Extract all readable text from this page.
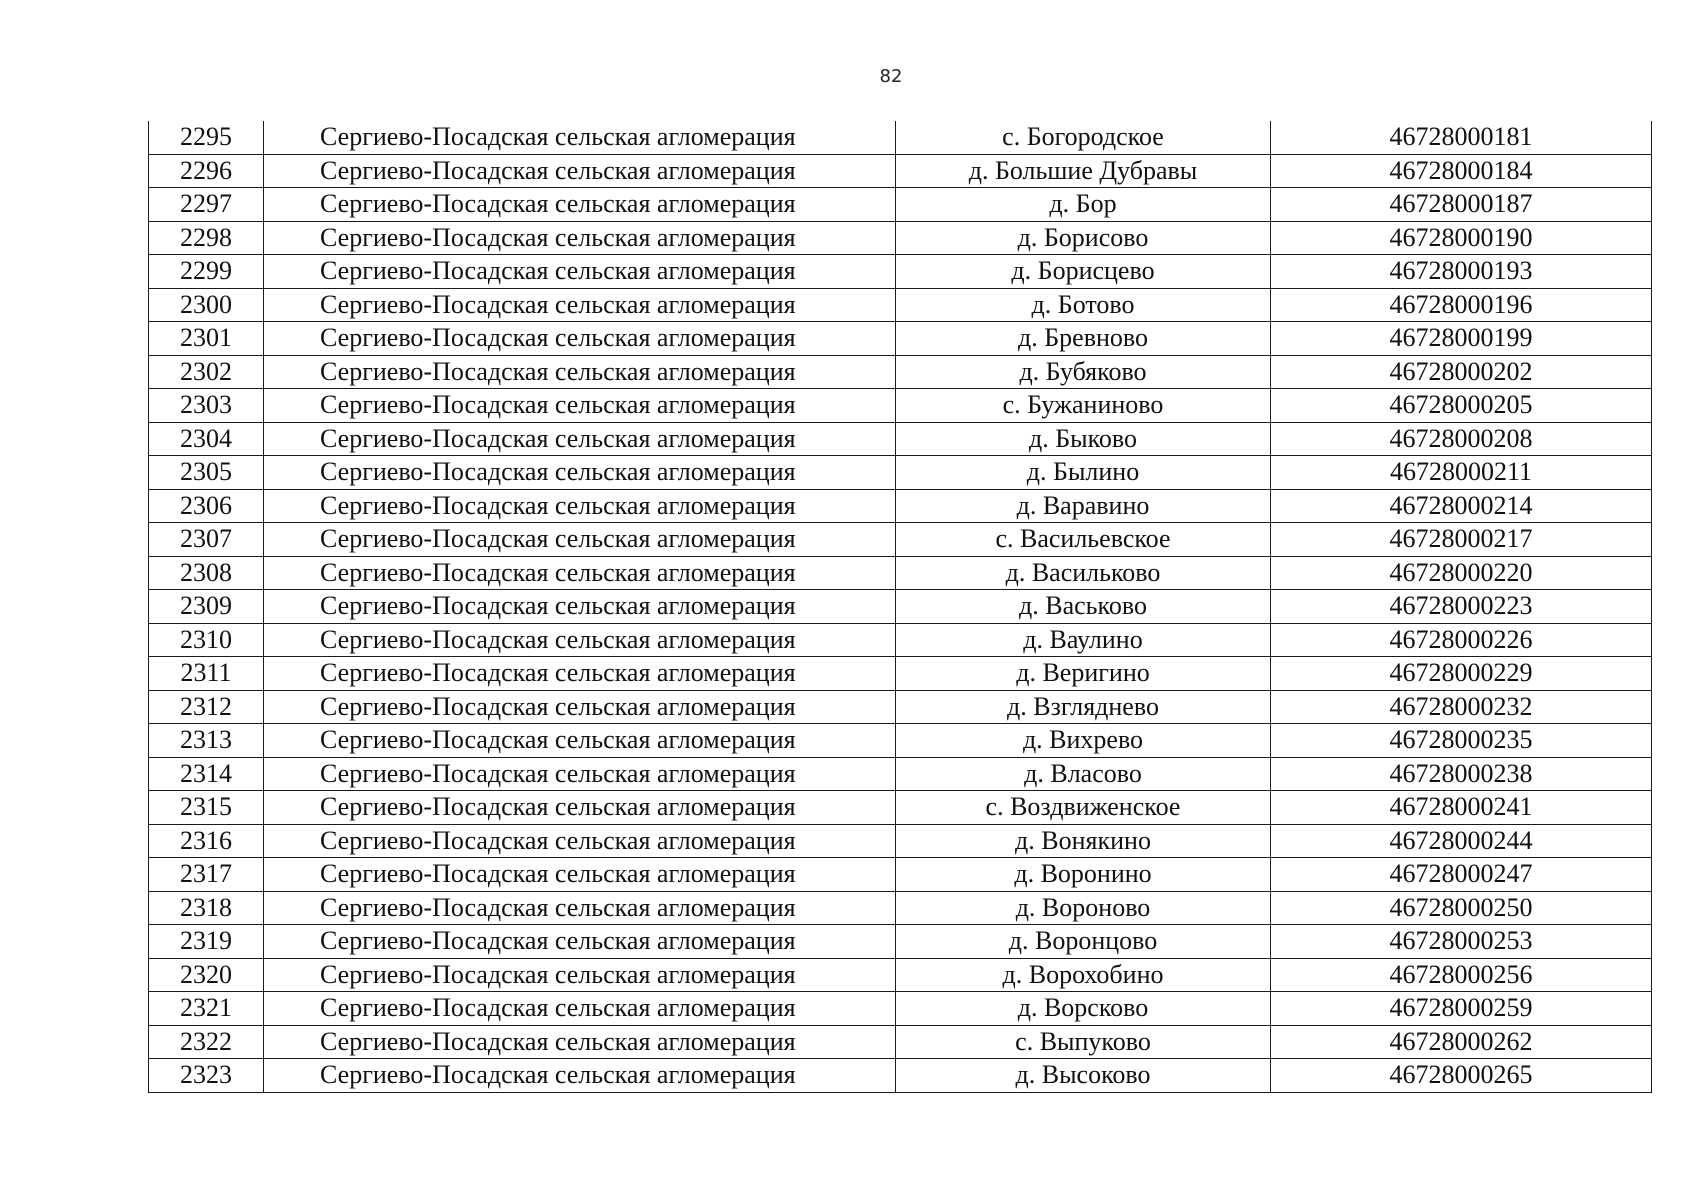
82
2295	Сергиево-Посадская сельская агломерация	с. Богородское	46728000181
2296	Сергиево-Посадская сельская агломерация	д. Большие Дубравы	46728000184
2297	Сергиево-Посадская сельская агломерация	д. Бор	46728000187
2298	Сергиево-Посадская сельская агломерация	д. Борисово	46728000190
2299	Сергиево-Посадская сельская агломерация	д. Борисцево	46728000193
2300	Сергиево-Посадская сельская агломерация	д. Ботово	46728000196
2301	Сергиево-Посадская сельская агломерация	д. Бревново	46728000199
2302	Сергиево-Посадская сельская агломерация	д. Бубяково	46728000202
2303	Сергиево-Посадская сельская агломерация	с. Бужаниново	46728000205
2304	Сергиево-Посадская сельская агломерация	д. Быково	46728000208
2305	Сергиево-Посадская сельская агломерация	д. Былино	46728000211
2306	Сергиево-Посадская сельская агломерация	д. Варавино	46728000214
2307	Сергиево-Посадская сельская агломерация	с. Васильевское	46728000217
2308	Сергиево-Посадская сельская агломерация	д. Васильково	46728000220
2309	Сергиево-Посадская сельская агломерация	д. Васьково	46728000223
2310	Сергиево-Посадская сельская агломерация	д. Ваулино	46728000226
2311	Сергиево-Посадская сельская агломерация	д. Веригино	46728000229
2312	Сергиево-Посадская сельская агломерация	д. Взгляднево	46728000232
2313	Сергиево-Посадская сельская агломерация	д. Вихрево	46728000235
2314	Сергиево-Посадская сельская агломерация	д. Власово	46728000238
2315	Сергиево-Посадская сельская агломерация	с. Воздвиженское	46728000241
2316	Сергиево-Посадская сельская агломерация	д. Вонякино	46728000244
2317	Сергиево-Посадская сельская агломерация	д. Воронино	46728000247
2318	Сергиево-Посадская сельская агломерация	д. Вороново	46728000250
2319	Сергиево-Посадская сельская агломерация	д. Воронцово	46728000253
2320	Сергиево-Посадская сельская агломерация	д. Ворохобино	46728000256
2321	Сергиево-Посадская сельская агломерация	д. Ворсково	46728000259
2322	Сергиево-Посадская сельская агломерация	с. Выпуково	46728000262
2323	Сергиево-Посадская сельская агломерация	д. Высоково	46728000265
